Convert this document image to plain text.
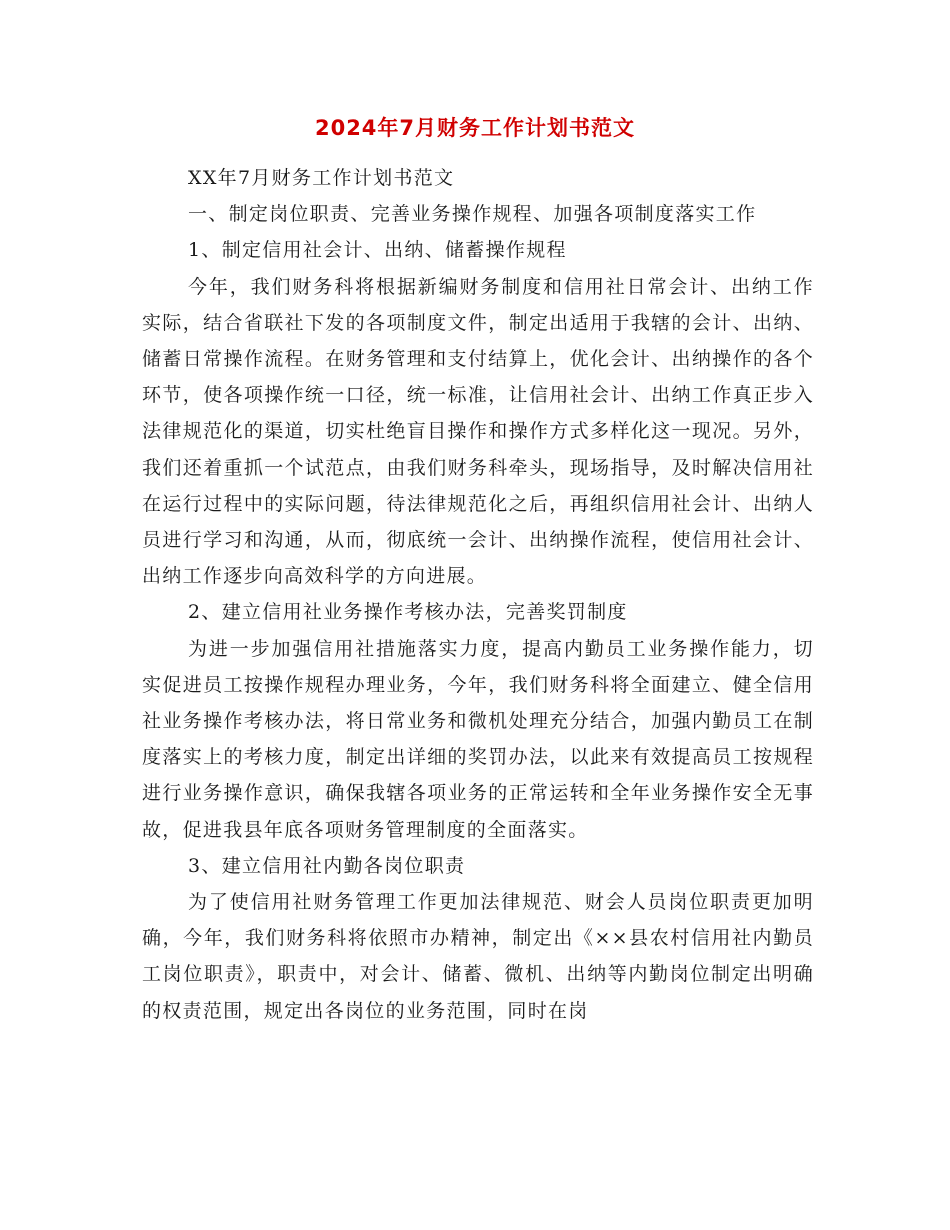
2024年7月财务工作计划书范文

XX年7月财务工作计划书范文

一、制定岗位职责、完善业务操作规程、加强各项制度落实工作

1、制定信用社会计、出纳、储蓄操作规程

今年，我们财务科将根据新编财务制度和信用社日常会计、出纳工作实际，结合省联社下发的各项制度文件，制定出适用于我辖的会计、出纳、储蓄日常操作流程。在财务管理和支付结算上，优化会计、出纳操作的各个环节，使各项操作统一口径，统一标准，让信用社会计、出纳工作真正步入法律规范化的渠道，切实杜绝盲目操作和操作方式多样化这一现况。另外，我们还着重抓一个试范点，由我们财务科牵头，现场指导，及时解决信用社在运行过程中的实际问题，待法律规范化之后，再组织信用社会计、出纳人员进行学习和沟通，从而，彻底统一会计、出纳操作流程，使信用社会计、出纳工作逐步向高效科学的方向进展。

2、建立信用社业务操作考核办法，完善奖罚制度

为进一步加强信用社措施落实力度，提高内勤员工业务操作能力，切实促进员工按操作规程办理业务，今年，我们财务科将全面建立、健全信用社业务操作考核办法，将日常业务和微机处理充分结合，加强内勤员工在制度落实上的考核力度，制定出详细的奖罚办法，以此来有效提高员工按规程进行业务操作意识，确保我辖各项业务的正常运转和全年业务操作安全无事故，促进我县年底各项财务管理制度的全面落实。

3、建立信用社内勤各岗位职责

为了使信用社财务管理工作更加法律规范、财会人员岗位职责更加明确，今年，我们财务科将依照市办精神，制定出《××县农村信用社内勤员工岗位职责》，职责中，对会计、储蓄、微机、出纳等内勤岗位制定出明确的权责范围，规定出各岗位的业务范围，同时在岗
